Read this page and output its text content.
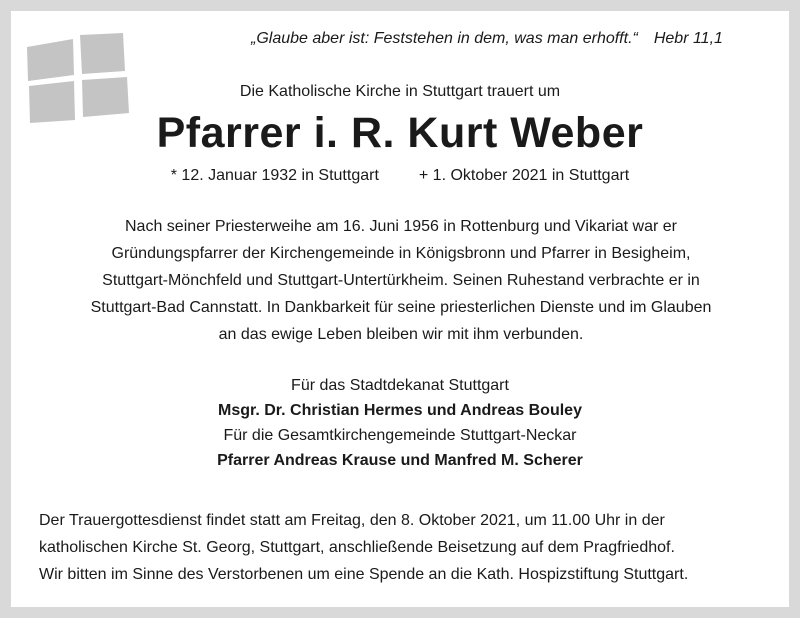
„Glaube aber ist: Feststehen in dem, was man erhofft.“ Hebr 11,1
Die Katholische Kirche in Stuttgart trauert um
Pfarrer i. R. Kurt Weber
* 12. Januar 1932 in Stuttgart	+ 1. Oktober 2021 in Stuttgart
Nach seiner Priesterweihe am 16. Juni 1956 in Rottenburg und Vikariat war er
Gründungspfarrer der Kirchengemeinde in Königsbronn und Pfarrer in Besigheim,
Stuttgart-Mönchfeld und Stuttgart-Untertürkheim. Seinen Ruhestand verbrachte er in
Stuttgart-Bad Cannstatt. In Dankbarkeit für seine priesterlichen Dienste und im Glauben
an das ewige Leben bleiben wir mit ihm verbunden.
Für das Stadtdekanat Stuttgart
Msgr. Dr. Christian Hermes und Andreas Bouley
Für die Gesamtkirchengemeinde Stuttgart-Neckar
Pfarrer Andreas Krause und Manfred M. Scherer
Der Trauergottesdienst findet statt am Freitag, den 8. Oktober 2021, um 11.00 Uhr in der
katholischen Kirche St. Georg, Stuttgart, anschließende Beisetzung auf dem Pragfriedhof.
Wir bitten im Sinne des Verstorbenen um eine Spende an die Kath. Hospizstiftung Stuttgart.
